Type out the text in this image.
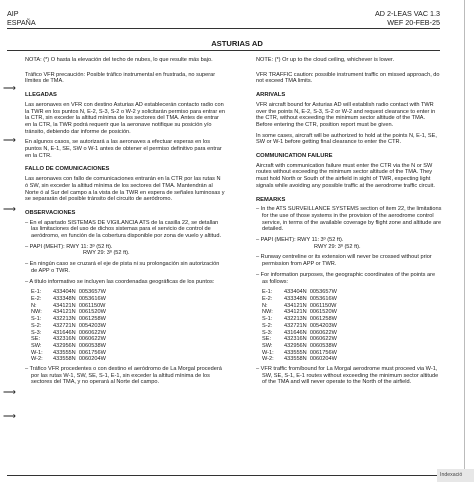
AIP
ESPAÑA
AD 2-LEAS VAC 1.3
WEF 20-FEB-25
ASTURIAS AD
⟶
⟶
⟶
⟶
⟶

NOTA: (*) O hasta la elevación del techo de nubes, lo que resulte más bajo.

Tráfico VFR precaución: Posible tráfico instrumental en frustrada, no superar límites de TMA.

LLEGADAS

Las aeronaves en VFR con destino Asturias AD establecerán contacto radio con la TWR en los puntos N, E-2, S-3, S-2 o W-2 y solicitarán permiso para entrar en la CTR, sin exceder la altitud mínima de los sectores del TMA. Antes de entrar en la CTR, la TWR podrá requerir que la aeronave notifique su posición y/o tránsito, debiendo dar informe de posición.

En algunos casos, se autorizará a las aeronaves a efectuar esperas en los puntos N, E-1, SE, SW o W-1 antes de obtener el permiso definitivo para entrar en la CTR.

FALLO DE COMUNICACIONES

Las aeronaves con fallo de comunicaciones entrarán en la CTR por las rutas N ó SW, sin exceder la altitud mínima de los sectores del TMA. Mantendrán al Norte ó al Sur del campo a la vista de la TWR en espera de señales luminosas y se separarán del posible tránsito del circuito de aeródromo.

OBSERVACIONES

– En el apartado SISTEMAS DE VIGILANCIA ATS de la casilla 22, se detallan las limitaciones del uso de dichos sistemas para el servicio de control de aeródromo, en función de la cobertura disponible por zona de vuelo y altitud.

– PAPI (MEHT): RWY 11: 3º (52 ft).

RWY 29: 3º (52 ft).

– En ningún caso se cruzará el eje de pista ni su prolongación sin autorización de APP o TWR.

– A título informativo se incluyen las coordenadas geográficas de los puntos:

E-1:	433404N  0053657W
E-2:	433348N  0053616W
N:	434121N  0061150W
NW:	434121N  0061520W
S-1:	432213N  0061258W
S-2:	432721N  0054203W
S-3:	431646N  0060622W
SE:	432316N  0060622W
SW:	432956N  0060538W
W-1:	433555N  0061756W
W-2:	433558N  0060204W

– Tráfico VFR procedentes o con destino el aeródromo de La Morgal procederá por las rutas W-1, SW, SE, S-1, E-1, sin exceder la altitud mínima de los sectores del TMA, y no operará al Norte del campo.

NOTE: (*) Or up to the cloud ceiling, whichever is lower.

VFR TRAFFIC caution: possible instrument traffic on missed approach, do not exceed TMA limits.

ARRIVALS

VFR aircraft bound for Asturias AD will establish radio contact with TWR over the points N, E-2, S-3, S-2 or W-2 and request clearance to enter in the CTR, without exceeding the minimum sector altitude of the TMA. Before entering the CTR, position report must be given.

In some cases, aircraft will be authorized to hold at the points N, E-1, SE, SW or W-1 before getting final clearance to enter the CTR.

COMMUNICATION FAILURE

Aircraft with communication failure must enter the CTR via the N or SW routes without exceeding the minimum sector altitude of the TMA. They must hold North or South of the airfield in sight of TWR, expecting light signals while avoiding any possible traffic at the aerodrome traffic circuit.

REMARKS

– In the ATS SURVEILLANCE SYSTEMS section of item 22, the limitations for the use of those systems in the provision of the aerodrome control service, in terms of the available coverage by flight zone and altitude are detailed.

– PAPI (MEHT): RWY 11: 3º (52 ft).

RWY 29: 3º (52 ft).

– Runway centreline or its extension will never be crossed without prior permission from APP or TWR.

– For information purposes, the geographic coordinates of the points are as follows:

E-1:	433404N  0053657W
E-2:	433348N  0053616W
N:	434121N  0061150W
NW:	434121N  0061520W
S-1:	432213N  0061258W
S-2:	432721N  0054203W
S-3:	431646N  0060622W
SE:	432316N  0060622W
SW:	432956N  0060538W
W-1:	433555N  0061756W
W-2:	433558N  0060204W

– VFR traffic from/bound for La Morgal aerodrome must proceed via W-1, SW, SE, S-1, E-1 routes without exceeding the minimum sector altitude of the TMA and will never operate to the North of the airfield.

Indexació
